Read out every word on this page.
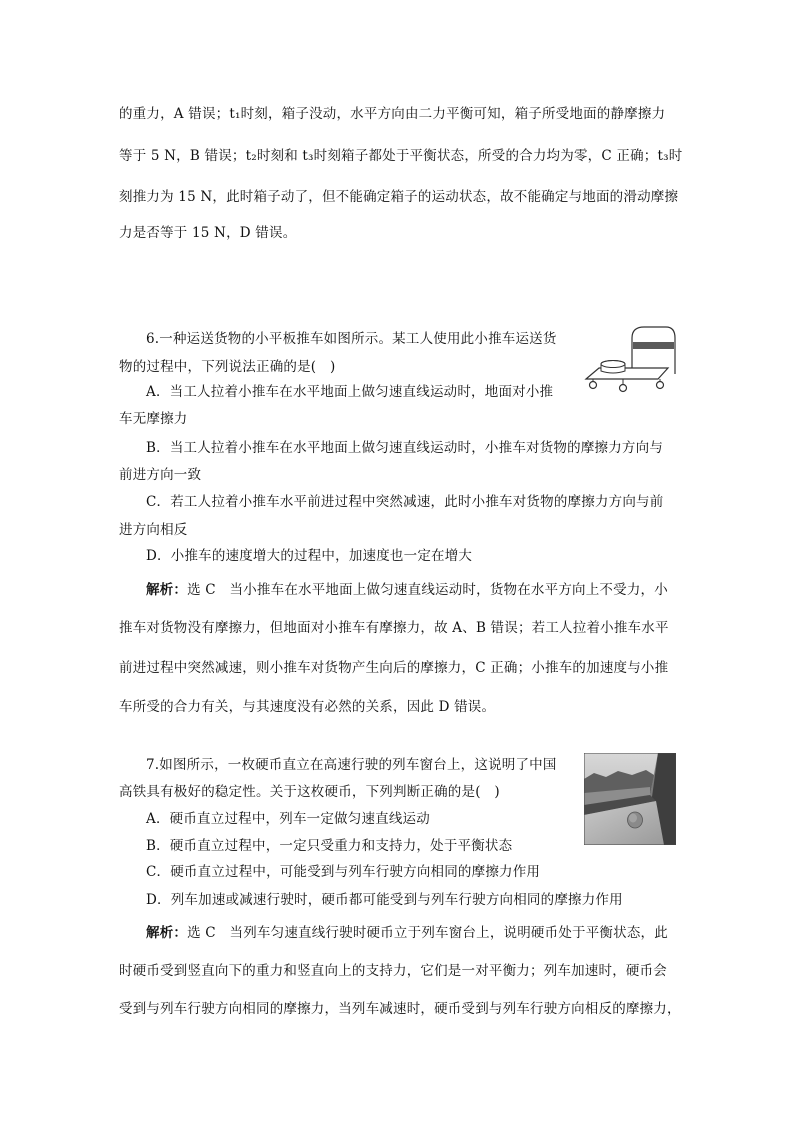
的重力，A 错误；t₁时刻，箱子没动，水平方向由二力平衡可知，箱子所受地面的静摩擦力
等于 5 N，B 错误；t₂时刻和 t₃时刻箱子都处于平衡状态，所受的合力均为零，C 正确；t₃时
刻推力为 15 N，此时箱子动了，但不能确定箱子的运动状态，故不能确定与地面的滑动摩擦
力是否等于 15 N，D 错误。
6.一种运送货物的小平板推车如图所示。某工人使用此小推车运送货
物的过程中，下列说法正确的是(　)
A．当工人拉着小推车在水平地面上做匀速直线运动时，地面对小推
车无摩擦力
B．当工人拉着小推车在水平地面上做匀速直线运动时，小推车对货物的摩擦力方向与
前进方向一致
C．若工人拉着小推车水平前进过程中突然减速，此时小推车对货物的摩擦力方向与前
进方向相反
D．小推车的速度增大的过程中，加速度也一定在增大
解析：选 C　当小推车在水平地面上做匀速直线运动时，货物在水平方向上不受力，小
推车对货物没有摩擦力，但地面对小推车有摩擦力，故 A、B 错误；若工人拉着小推车水平
前进过程中突然减速，则小推车对货物产生向后的摩擦力，C 正确；小推车的加速度与小推
车所受的合力有关，与其速度没有必然的关系，因此 D 错误。
7.如图所示，一枚硬币直立在高速行驶的列车窗台上，这说明了中国
高铁具有极好的稳定性。关于这枚硬币，下列判断正确的是(　)
A．硬币直立过程中，列车一定做匀速直线运动
B．硬币直立过程中，一定只受重力和支持力，处于平衡状态
C．硬币直立过程中，可能受到与列车行驶方向相同的摩擦力作用
D．列车加速或减速行驶时，硬币都可能受到与列车行驶方向相同的摩擦力作用
解析：选 C　当列车匀速直线行驶时硬币立于列车窗台上，说明硬币处于平衡状态，此
时硬币受到竖直向下的重力和竖直向上的支持力，它们是一对平衡力；列车加速时，硬币会
受到与列车行驶方向相同的摩擦力，当列车减速时，硬币受到与列车行驶方向相反的摩擦力，
